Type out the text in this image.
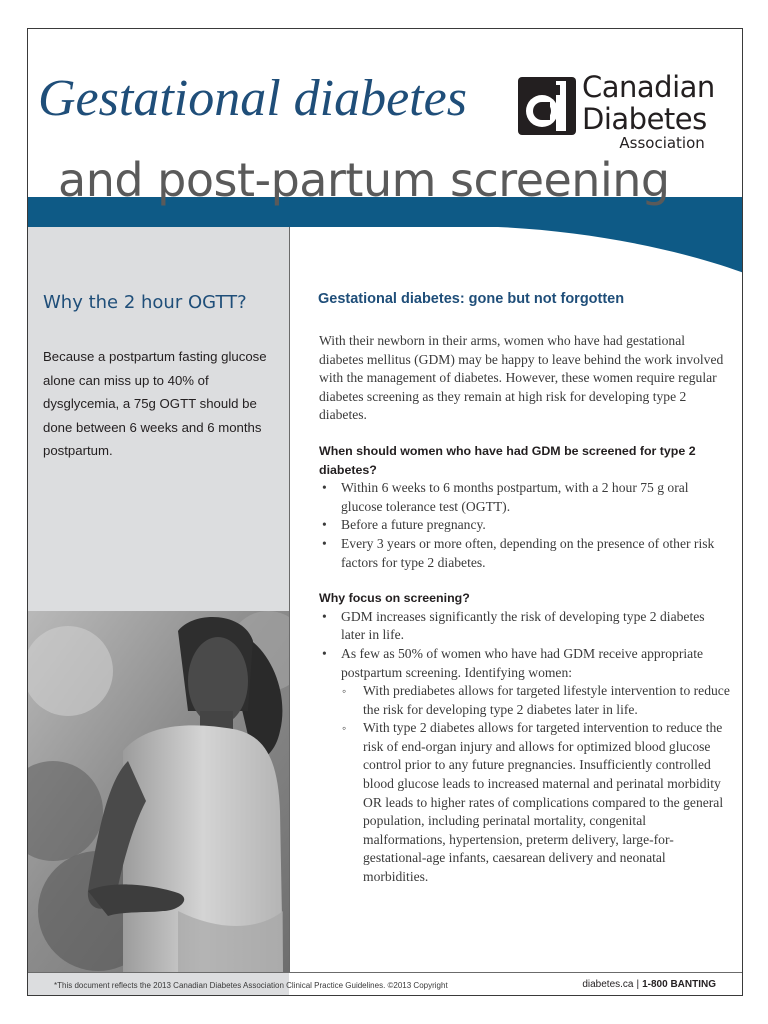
Gestational diabetes	Canadian
Diabetes
Association
and post-partum screening
Why the 2 hour OGTT?
Because a postpartum fasting glucose alone can miss up to 40% of dysglycemia, a 75g OGTT should be done between 6 weeks and 6 months postpartum.
Gestational diabetes: gone but not forgotten

With their newborn in their arms, women who have had gestational diabetes mellitus (GDM) may be happy to leave behind the work involved with the management of diabetes. However, these women require regular diabetes screening as they remain at high risk for developing type 2 diabetes.

When should women who have had GDM be screened for type 2 diabetes?
• Within 6 weeks to 6 months postpartum, with a 2 hour 75 g oral glucose tolerance test (OGTT).
• Before a future pregnancy.
• Every 3 years or more often, depending on the presence of other risk factors for type 2 diabetes.
Why focus on screening?
• GDM increases significantly the risk of developing type 2 diabetes later in life.
• As few as 50% of women who have had GDM receive appropriate postpartum screening. Identifying women:
◦ With prediabetes allows for targeted lifestyle intervention to reduce the risk for developing type 2 diabetes later in life.
◦ With type 2 diabetes allows for targeted intervention to reduce the risk of end-organ injury and allows for optimized blood glucose control prior to any future pregnancies. Insufficiently controlled blood glucose leads to increased maternal and perinatal morbidity OR leads to higher rates of complications compared to the general population, including perinatal mortality, congenital malformations, hypertension, preterm delivery, large-for-gestational-age infants, caesarean delivery and neonatal morbidities.
*This document reflects the 2013 Canadian Diabetes Association Clinical Practice Guidelines. ©2013 Copyright	diabetes.ca | 1-800 BANTING
